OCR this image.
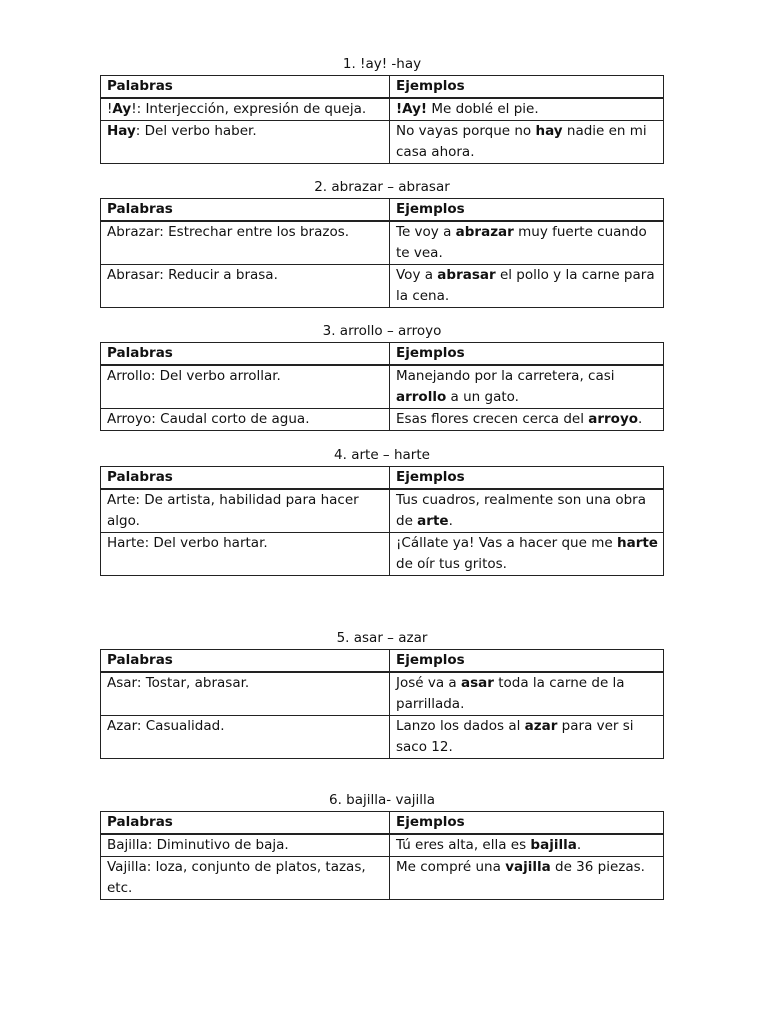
1. !ay! -hay
Palabras	Ejemplos
!Ay!: Interjección, expresión de queja.	!Ay! Me doblé el pie.
Hay: Del verbo haber.	No vayas porque no hay nadie en mi casa ahora.
2. abrazar – abrasar
Palabras	Ejemplos
Abrazar: Estrechar entre los brazos.	Te voy a abrazar muy fuerte cuando te vea.
Abrasar: Reducir a brasa.	Voy a abrasar el pollo y la carne para la cena.
3. arrollo – arroyo
Palabras	Ejemplos
Arrollo: Del verbo arrollar.	Manejando por la carretera, casi arrollo a un gato.
Arroyo: Caudal corto de agua.	Esas flores crecen cerca del arroyo.
4. arte – harte
Palabras	Ejemplos
Arte: De artista, habilidad para hacer algo.	Tus cuadros, realmente son una obra de arte.
Harte: Del verbo hartar.	¡Cállate ya! Vas a hacer que me harte de oír tus gritos.
5. asar – azar
Palabras	Ejemplos
Asar: Tostar, abrasar.	José va a asar toda la carne de la parrillada.
Azar: Casualidad.	Lanzo los dados al azar para ver si saco 12.
6. bajilla- vajilla
Palabras	Ejemplos
Bajilla: Diminutivo de baja.	Tú eres alta, ella es bajilla.
Vajilla: loza, conjunto de platos, tazas, etc.	Me compré una vajilla de 36 piezas.
